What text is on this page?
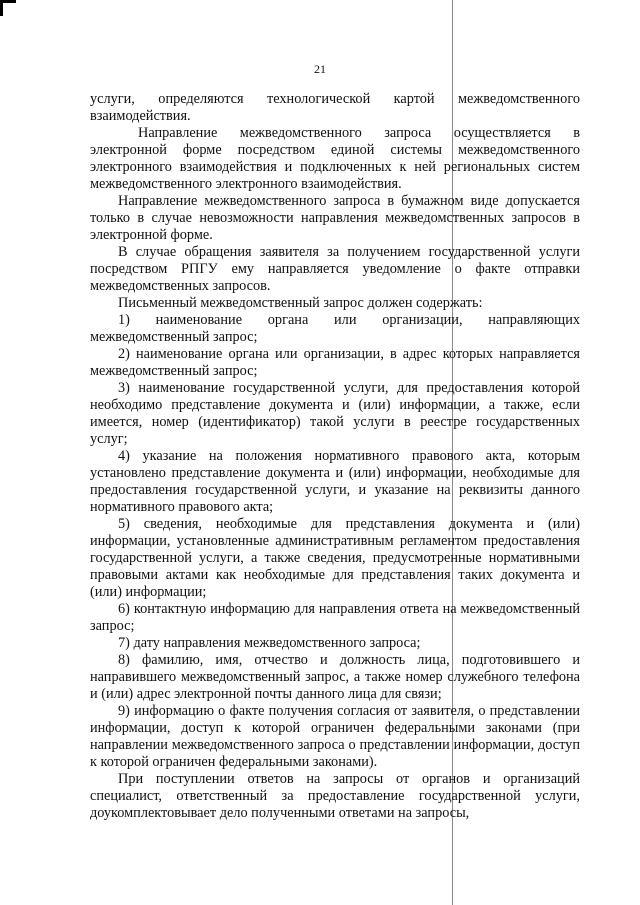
21

услуги, определяются технологической картой межведомственного взаимодействия.

Направление межведомственного запроса осуществляется в электронной форме посредством единой системы межведомственного электронного взаимодействия и подключенных к ней региональных систем межведомственного электронного взаимодействия.

Направление межведомственного запроса в бумажном виде допускается только в случае невозможности направления межведомственных запросов в электронной форме.

В случае обращения заявителя за получением государственной услуги посредством РПГУ ему направляется уведомление о факте отправки межведомственных запросов.

Письменный межведомственный запрос должен содержать:

1) наименование органа или организации, направляющих межведомственный запрос;

2) наименование органа или организации, в адрес которых направляется межведомственный запрос;

3) наименование государственной услуги, для предоставления которой необходимо представление документа и (или) информации, а также, если имеется, номер (идентификатор) такой услуги в реестре государственных услуг;

4) указание на положения нормативного правового акта, которым установлено представление документа и (или) информации, необходимые для предоставления государственной услуги, и указание на реквизиты данного нормативного правового акта;

5) сведения, необходимые для представления документа и (или) информации, установленные административным регламентом предоставления государственной услуги, а также сведения, предусмотренные нормативными правовыми актами как необходимые для представления таких документа и (или) информации;

6) контактную информацию для направления ответа на межведомственный запрос;

7) дату направления межведомственного запроса;

8) фамилию, имя, отчество и должность лица, подготовившего и направившего межведомственный запрос, а также номер служебного телефона и (или) адрес электронной почты данного лица для связи;

9) информацию о факте получения согласия от заявителя, о представлении информации, доступ к которой ограничен федеральными законами (при направлении межведомственного запроса о представлении информации, доступ к которой ограничен федеральными законами).

При поступлении ответов на запросы от органов и организаций специалист, ответственный за предоставление государственной услуги, доукомплектовывает дело полученными ответами на запросы,
